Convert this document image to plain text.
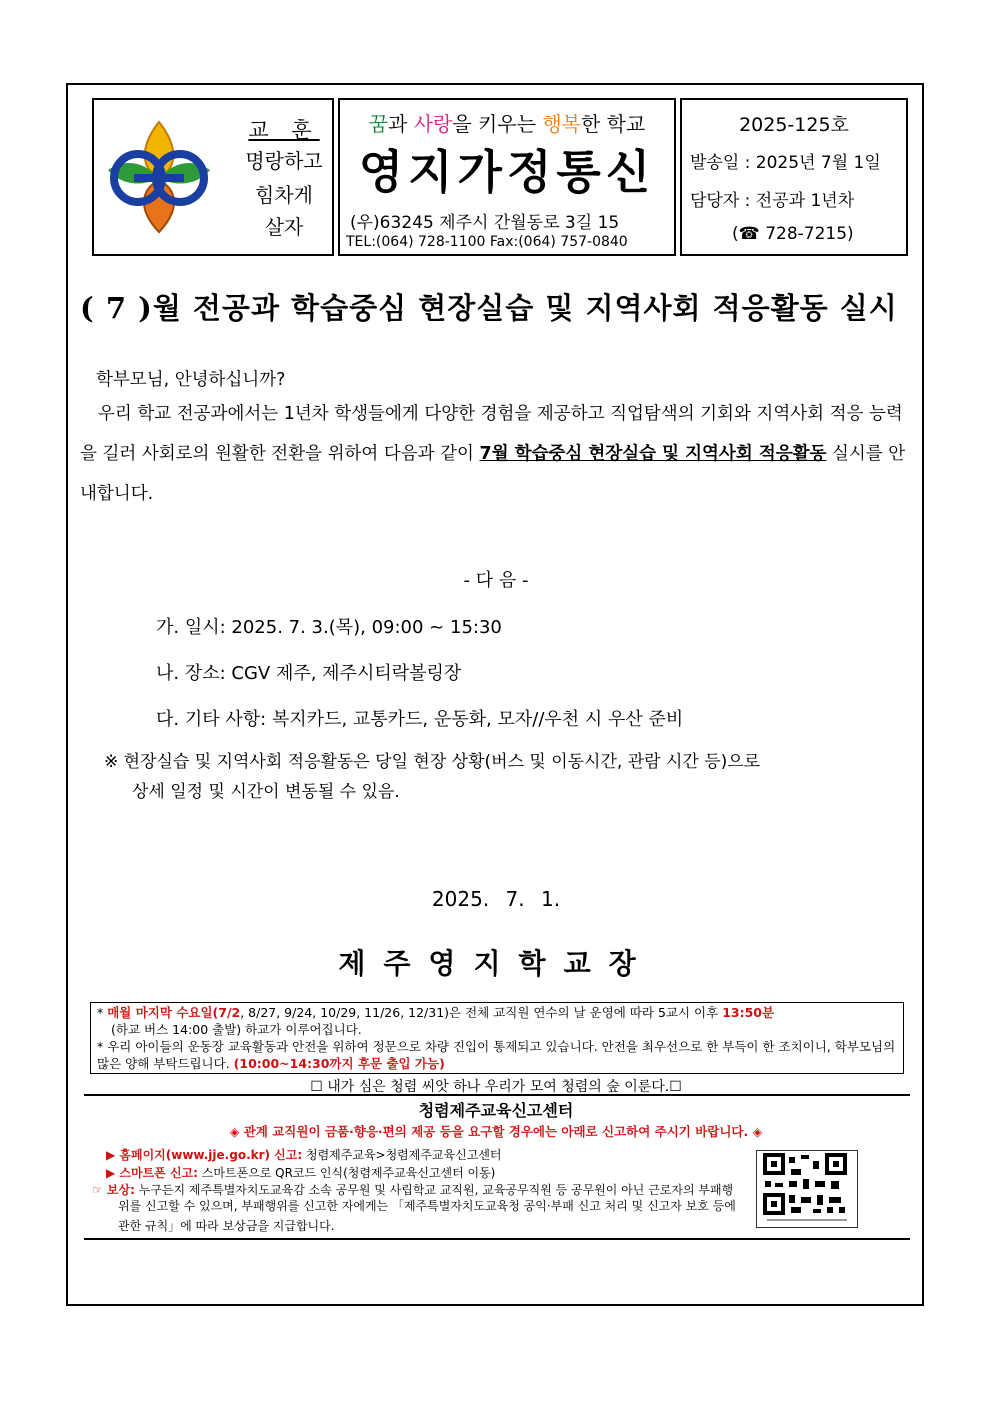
교 훈
명랑하고
힘차게
살자
꿈과 사랑을 키우는 행복한 학교
영지가정통신
(우)63245 제주시 간월동로 3길 15
TEL:(064) 728-1100 Fax:(064) 757-0840
2025-125호
발송일 : 2025년 7월 1일
담당자 : 전공과 1년차
(☎ 728-7215)
( 7 )월 전공과 학습중심 현장실습 및 지역사회 적응활동 실시
학부모님, 안녕하십니까?
우리 학교 전공과에서는 1년차 학생들에게 다양한 경험을 제공하고 직업탐색의 기회와 지역사회 적응 능력을 길러 사회로의 원활한 전환을 위하여 다음과 같이 7월 학습중심 현장실습 및 지역사회 적응활동 실시를 안내합니다.
- 다 음 -
가. 일시: 2025. 7. 3.(목), 09:00 ~ 15:30
나. 장소: CGV 제주, 제주시티락볼링장
다. 기타 사항: 복지카드, 교통카드, 운동화, 모자//우천 시 우산 준비
※ 현장실습 및 지역사회 적응활동은 당일 현장 상황(버스 및 이동시간, 관람 시간 등)으로
상세 일정 및 시간이 변동될 수 있음.
2025. 7. 1.
제주영지학교장
* 매월 마지막 수요일(7/2, 8/27, 9/24, 10/29, 11/26, 12/31)은 전체 교직원 연수의 날 운영에 따라 5교시 이후 13:50분
(하교 버스 14:00 출발) 하교가 이루어집니다.
* 우리 아이들의 운동장 교육활동과 안전을 위하여 정문으로 차량 진입이 통제되고 있습니다. 안전을 최우선으로 한 부득이 한 조치이니, 학부모님의 많은 양해 부탁드립니다. (10:00~14:30까지 후문 출입 가능)
☐ 내가 심은 청렴 씨앗 하나 우리가 모여 청렴의 숲 이룬다.☐
청렴제주교육신고센터
◈ 관계 교직원이 금품·향응·편의 제공 등을 요구할 경우에는 아래로 신고하여 주시기 바랍니다. ◈
▶ 홈페이지(www.jje.go.kr) 신고: 청렴제주교육>청렴제주교육신고센터
▶ 스마트폰 신고: 스마트폰으로 QR코드 인식(청렴제주교육신고센터 이동)
☞ 보상: 누구든지 제주특별자치도교육감 소속 공무원 및 사립학교 교직원, 교육공무직원 등 공무원이 아닌 근로자의 부패행
위를 신고할 수 있으며, 부패행위를 신고한 자에게는 「제주특별자치도교육청 공익·부패 신고 처리 및 신고자 보호 등에
관한 규칙」에 따라 보상금을 지급합니다.
